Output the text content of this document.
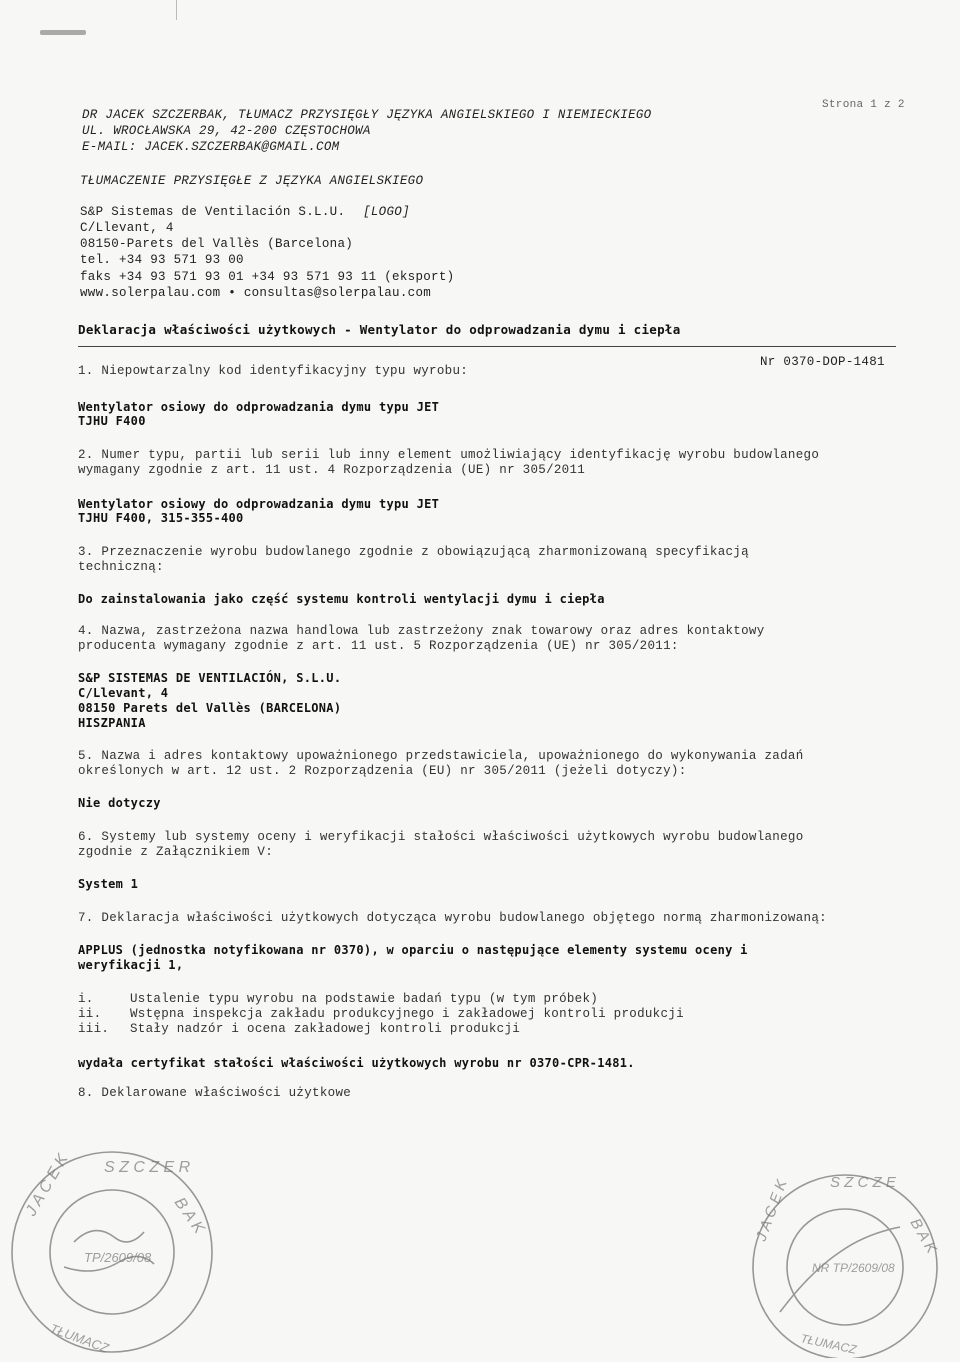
DR JACEK SZCZERBAK, TŁUMACZ PRZYSIĘGŁY JĘZYKA ANGIELSKIEGO I NIEMIECKIEGO
UL. WROCŁAWSKA 29, 42-200 CZĘSTOCHOWA
E-MAIL: JACEK.SZCZERBAK@GMAIL.COM
Strona 1 z 2
TŁUMACZENIE PRZYSIĘGŁE Z JĘZYKA ANGIELSKIEGO
S&P Sistemas de Ventilación S.L.U. [LOGO]
C/Llevant, 4
08150-Parets del Vallès (Barcelona)
tel. +34 93 571 93 00
faks +34 93 571 93 01 +34 93 571 93 11 (eksport)
www.solerpalau.com • consultas@solerpalau.com
Deklaracja właściwości użytkowych - Wentylator do odprowadzania dymu i ciepła
1. Niepowtarzalny kod identyfikacyjny typu wyrobu:
Nr 0370-DOP-1481
Wentylator osiowy do odprowadzania dymu typu JET
TJHU F400
2. Numer typu, partii lub serii lub inny element umożliwiający identyfikację wyrobu budowlanego
wymagany zgodnie z art. 11 ust. 4 Rozporządzenia (UE) nr 305/2011
Wentylator osiowy do odprowadzania dymu typu JET
TJHU F400, 315-355-400
3. Przeznaczenie wyrobu budowlanego zgodnie z obowiązującą zharmonizowaną specyfikacją
techniczną:
Do zainstalowania jako część systemu kontroli wentylacji dymu i ciepła
4. Nazwa, zastrzeżona nazwa handlowa lub zastrzeżony znak towarowy oraz adres kontaktowy
producenta wymagany zgodnie z art. 11 ust. 5 Rozporządzenia (UE) nr 305/2011:
S&P SISTEMAS DE VENTILACIÓN, S.L.U.
C/Llevant, 4
08150 Parets del Vallès (BARCELONA)
HISZPANIA
5. Nazwa i adres kontaktowy upoważnionego przedstawiciela, upoważnionego do wykonywania zadań
określonych w art. 12 ust. 2 Rozporządzenia (EU) nr 305/2011 (jeżeli dotyczy):
Nie dotyczy
6. Systemy lub systemy oceny i weryfikacji stałości właściwości użytkowych wyrobu budowlanego
zgodnie z Załącznikiem V:
System 1
7. Deklaracja właściwości użytkowych dotycząca wyrobu budowlanego objętego normą zharmonizowaną:
APPLUS (jednostka notyfikowana nr 0370), w oparciu o następujące elementy systemu oceny i
weryfikacji 1,
i.	Ustalenie typu wyrobu na podstawie badań typu (w tym próbek)
ii. Wstępna inspekcja zakładu produkcyjnego i zakładowej kontroli produkcji
iii. Stały nadzór i ocena zakładowej kontroli produkcji
wydała certyfikat stałości właściwości użytkowych wyrobu nr 0370-CPR-1481.
8. Deklarowane właściwości użytkowe
S Z C Z E R
J A C E K	B A K
TP/2609/08
TŁUMACZ
S Z C Z E
J A C E K	B A K
NR TP/2609/08
TŁUMACZ
